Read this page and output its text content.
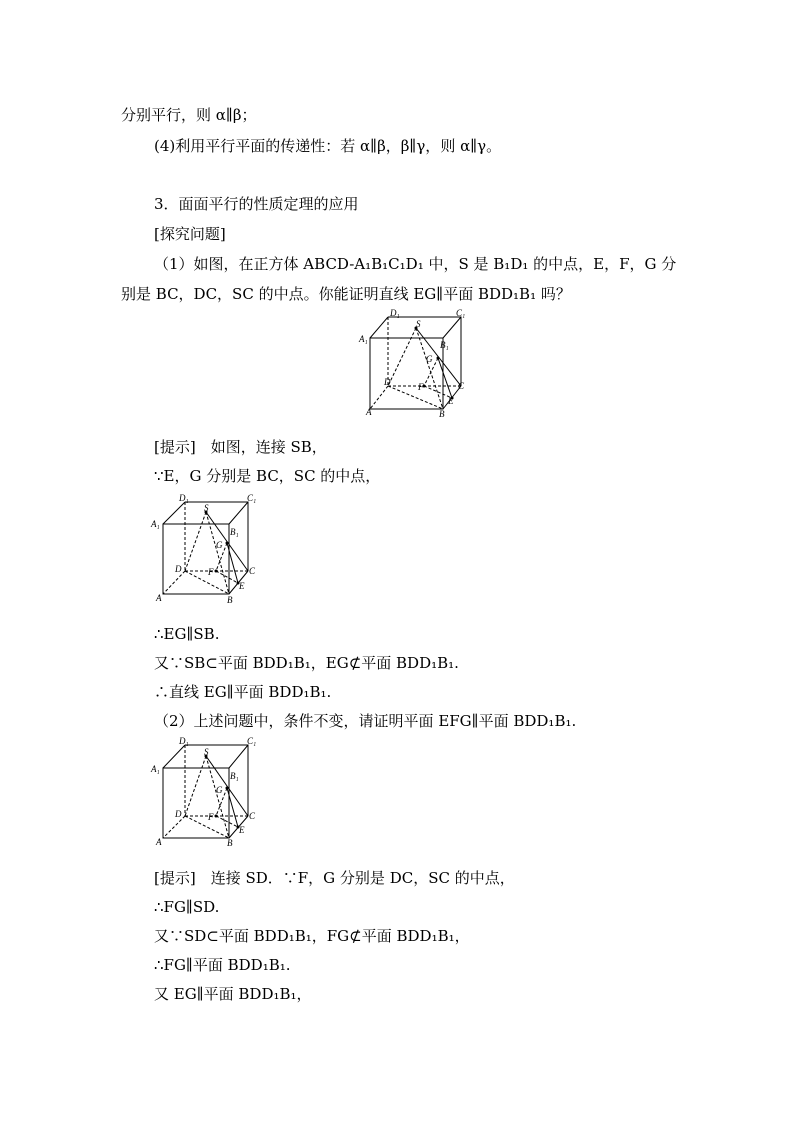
分别平行，则 α∥β；
(4)利用平行平面的传递性：若 α∥β，β∥γ，则 α∥γ。
3．面面平行的性质定理的应用
[探究问题]
（1）如图，在正方体 ABCD-A₁B₁C₁D₁ 中，S 是 B₁D₁ 的中点，E，F，G 分
别是 BC，DC，SC 的中点。你能证明直线 EG∥平面 BDD₁B₁ 吗？
D₁	C₁
A₁
B₁
S
G
D	C
A	B
F
E
[提示]　如图，连接 SB，
∵E，G 分别是 BC，SC 的中点，
D₁	C₁
A₁
B₁
S
G
D	C
A	B
F
E
∴EG∥SB.
又∵SB⊂平面 BDD₁B₁，EG⊄平面 BDD₁B₁.
∴直线 EG∥平面 BDD₁B₁.
（2）上述问题中，条件不变，请证明平面 EFG∥平面 BDD₁B₁.
D₁	C₁
A₁
B₁
S
G
D	C
A	B
F
E
[提示]　连接 SD．∵F，G 分别是 DC，SC 的中点，
∴FG∥SD.
又∵SD⊂平面 BDD₁B₁，FG⊄平面 BDD₁B₁，
∴FG∥平面 BDD₁B₁.
又 EG∥平面 BDD₁B₁，
